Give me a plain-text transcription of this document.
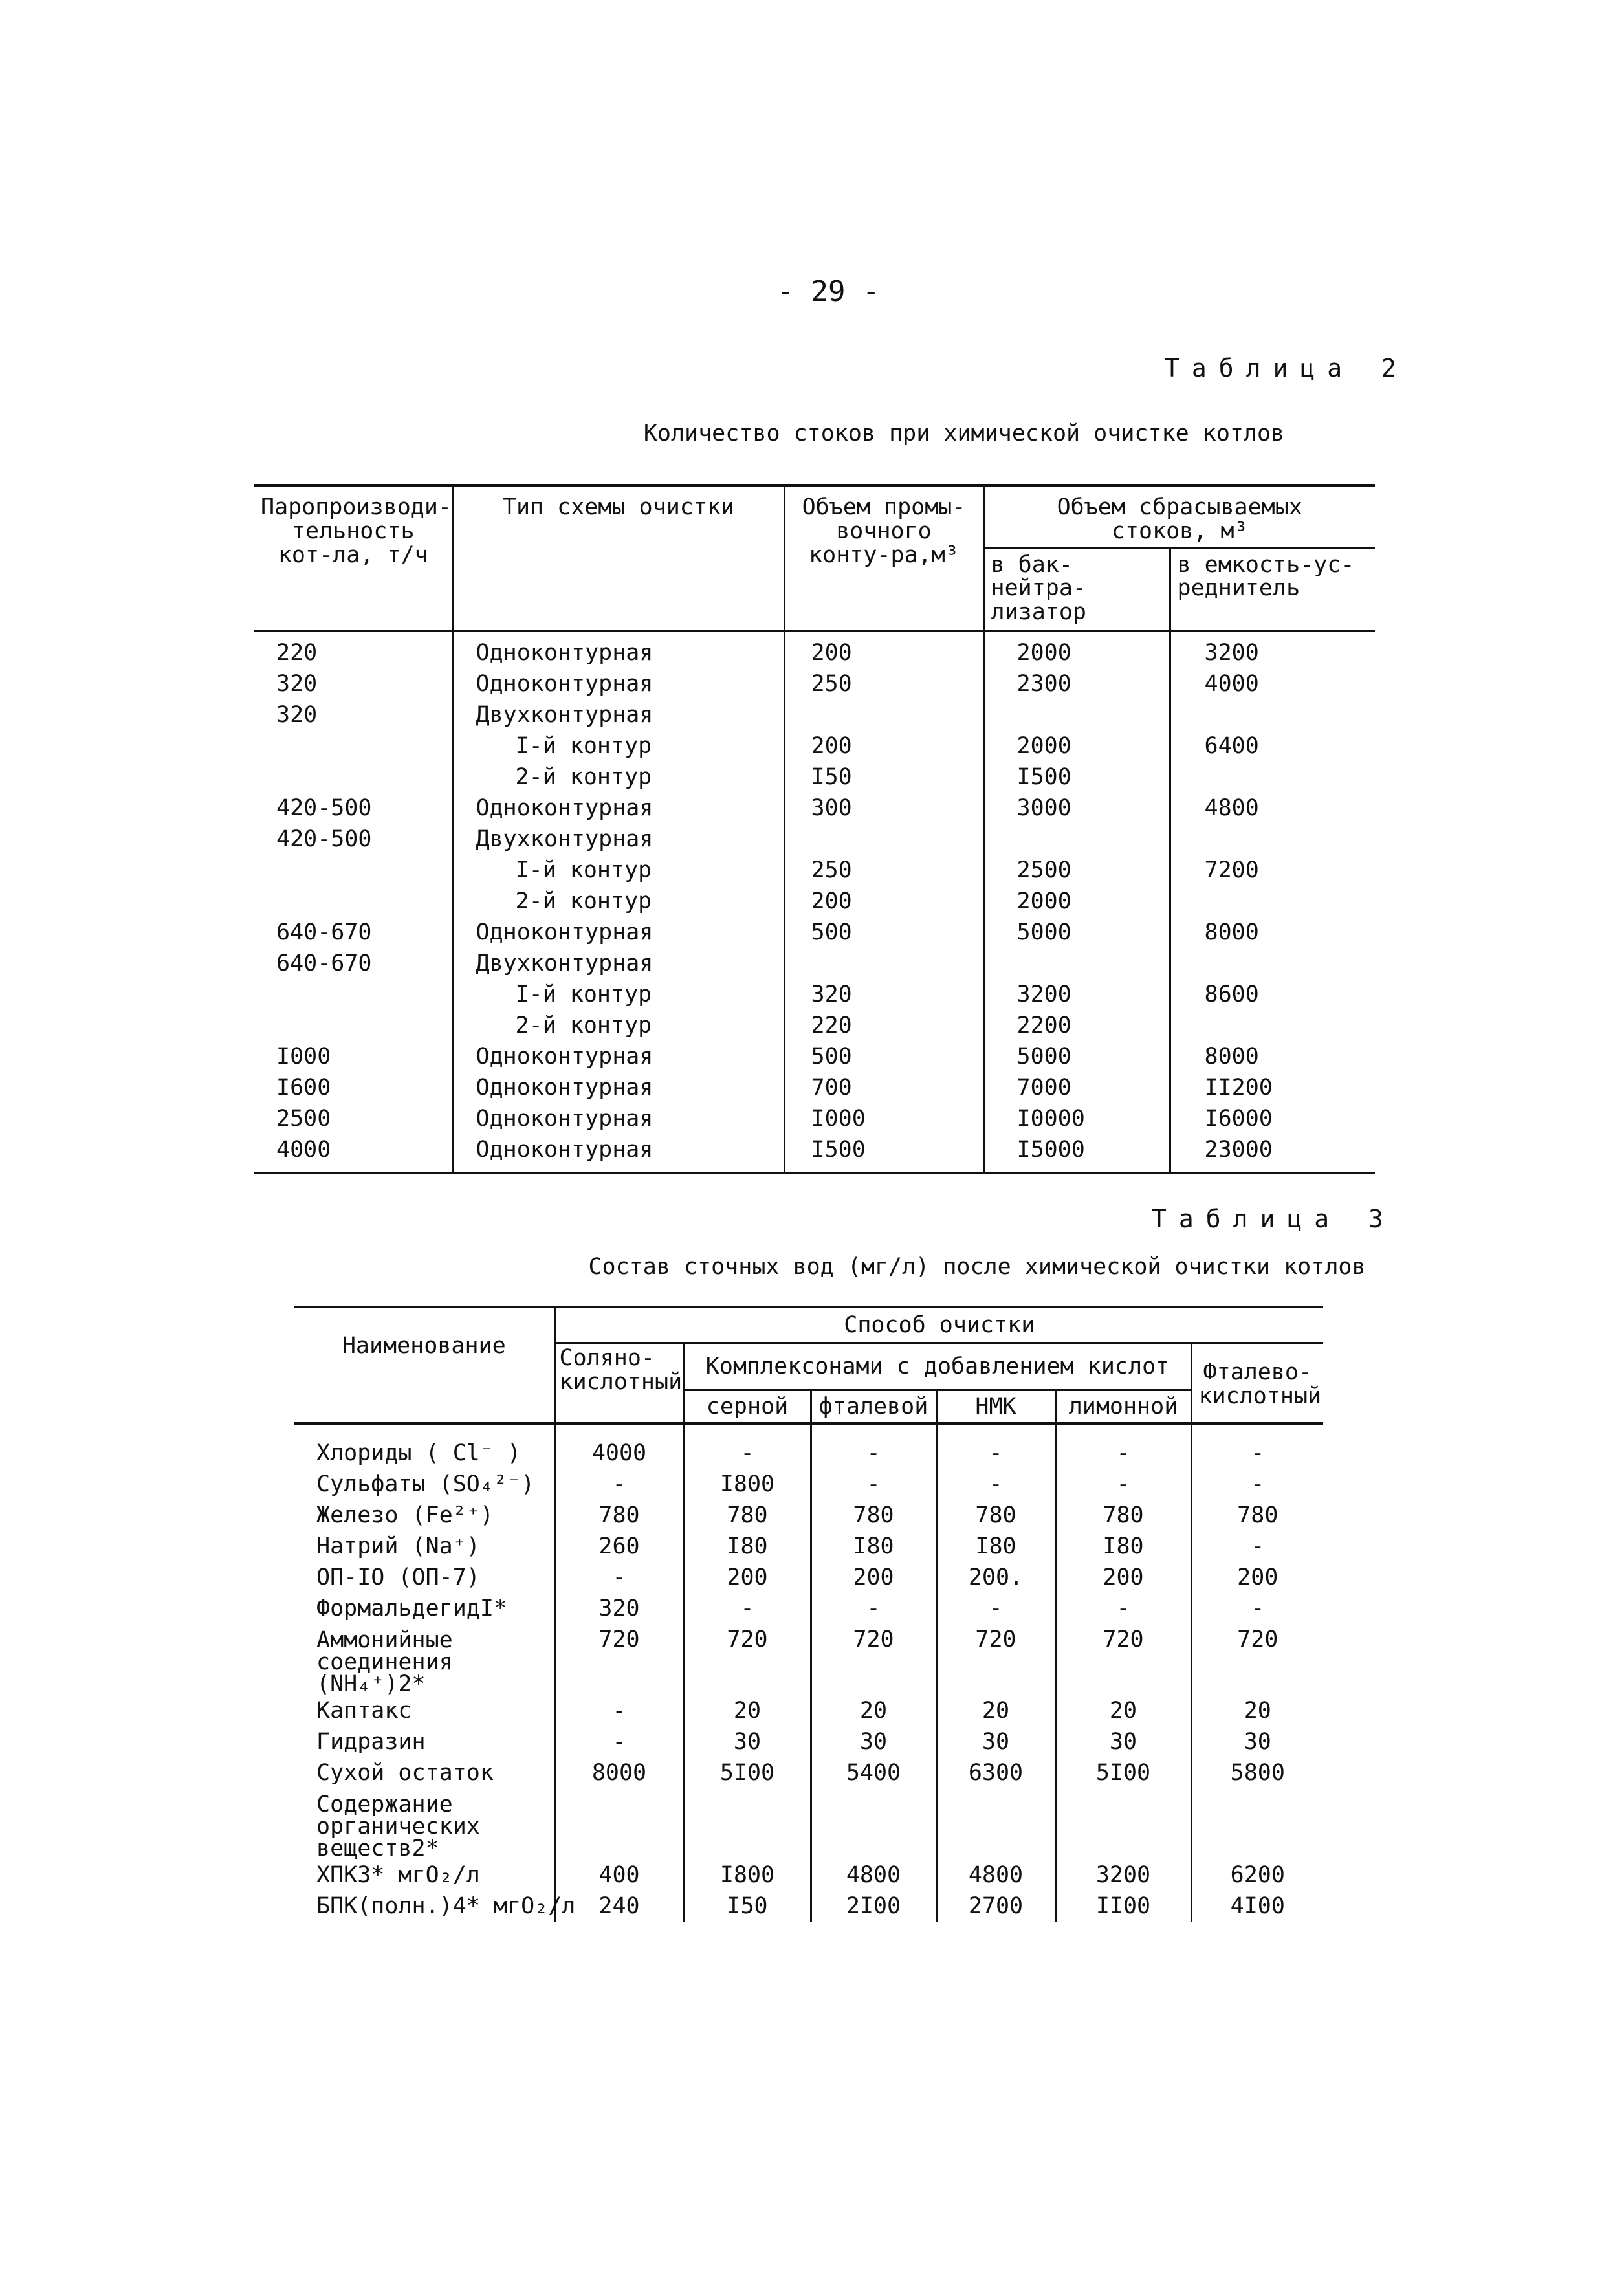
- 29 -
Таблица 2
Количество стоков при химической очистке котлов
Паропроизводи-тельность кот-ла, т/ч	Тип схемы очистки	Объем промы-вочного конту-ра,м³	Объем сбрасываемых стоков, м³	
			в бак-нейтра-лизатор	в емкость-ус-реднитель
220	Одноконтурная	200	2000	3200
320	Одноконтурная	250	2300	4000
320	Двухконтурная			
	I-й контур	200	2000	6400
	2-й контур	I50	I500	
420-500	Одноконтурная	300	3000	4800
420-500	Двухконтурная			
	I-й контур	250	2500	7200
	2-й контур	200	2000	
640-670	Одноконтурная	500	5000	8000
640-670	Двухконтурная			
	I-й контур	320	3200	8600
	2-й контур	220	2200	
I000	Одноконтурная	500	5000	8000
I600	Одноконтурная	700	7000	II200
2500	Одноконтурная	I000	I0000	I6000
4000	Одноконтурная	I500	I5000	23000
Таблица 3
Состав сточных вод (мг/л) после химической очистки котлов
Наименование	Способ очистки					
	Соляно-кислотный	Комплексонами с добавлением кислот				Фталево-кислотный
		серной	фталевой	НМК	лимонной	
Хлориды ( Cl⁻ )	4000	-	-	-	-	-
Сульфаты (SO₄²⁻)	-	I800	-	-	-	-
Железо (Fe²⁺)	780	780	780	780	780	780
Натрий (Na⁺)	260	I80	I80	I80	I80	-
ОП-IO (ОП-7)	-	200	200	200.	200	200
ФормальдегидI*	320	-	-	-	-	-
Аммонийные соединения (NH₄⁺)2*	720	720	720	720	720	720
Каптакс	-	20	20	20	20	20
Гидразин	-	30	30	30	30	30
Сухой остаток	8000	5I00	5400	6300	5I00	5800
Содержание органических веществ2*						
ХПК3* мгO₂/л	400	I800	4800	4800	3200	6200
БПК(полн.)4* мгO₂/л	240	I50	2I00	2700	II00	4I00
